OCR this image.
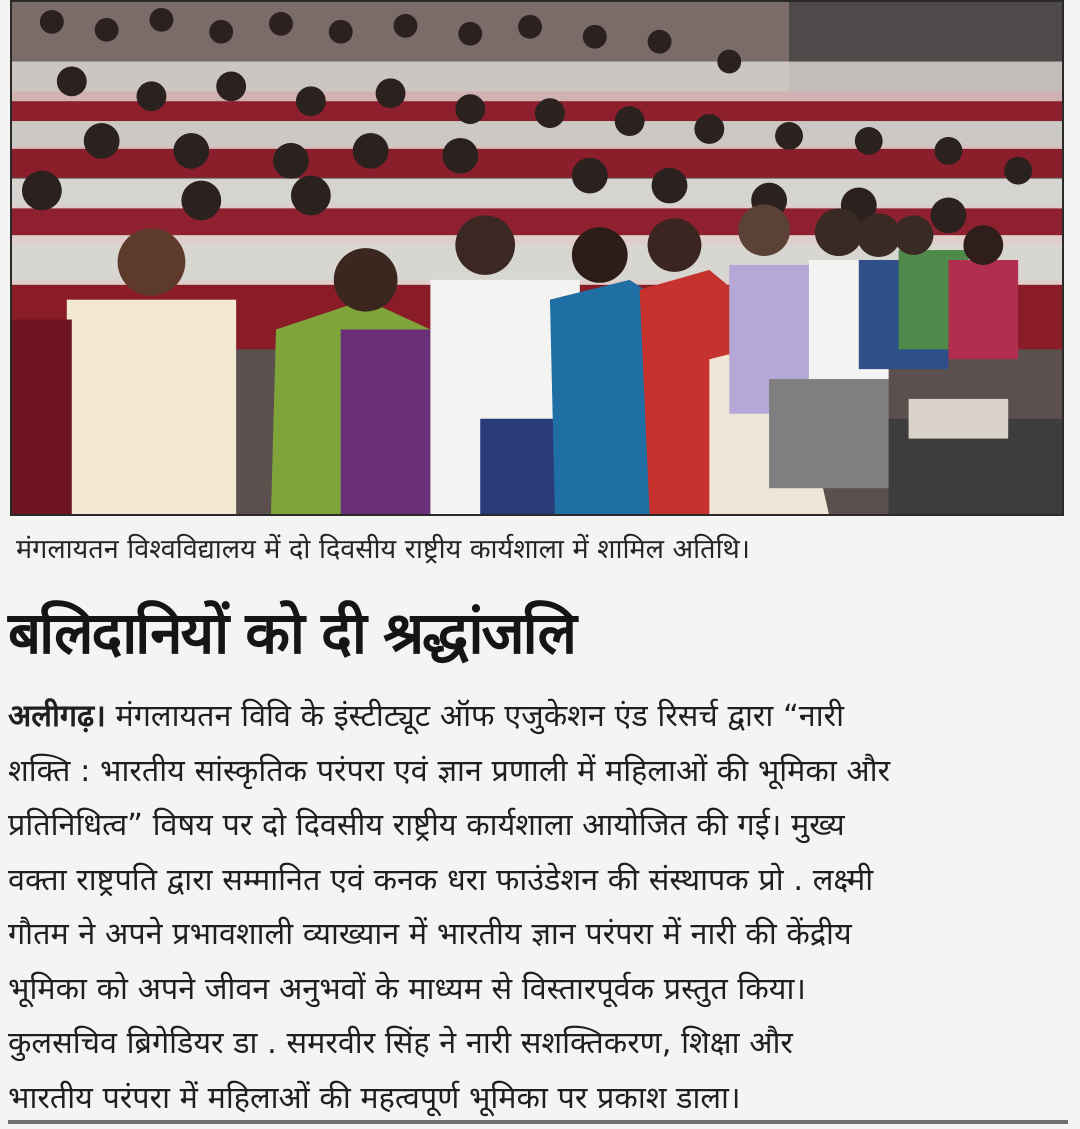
मंगलायतन विश्वविद्यालय में दो दिवसीय राष्ट्रीय कार्यशाला में शामिल अतिथि।
बलिदानियों को दी श्रद्धांजलि
अलीगढ़। मंगलायतन विवि के इंस्टीट्यूट ऑफ एजुकेशन एंड रिसर्च द्वारा “नारी
शक्ति : भारतीय सांस्कृतिक परंपरा एवं ज्ञान प्रणाली में महिलाओं की भूमिका और
प्रतिनिधित्व” विषय पर दो दिवसीय राष्ट्रीय कार्यशाला आयोजित की गई। मुख्य
वक्ता राष्ट्रपति द्वारा सम्मानित एवं कनक धरा फाउंडेशन की संस्थापक प्रो . लक्ष्मी
गौतम ने अपने प्रभावशाली व्याख्यान में भारतीय ज्ञान परंपरा में नारी की केंद्रीय
भूमिका को अपने जीवन अनुभवों के माध्यम से विस्तारपूर्वक प्रस्तुत किया।
कुलसचिव ब्रिगेडियर डा . समरवीर सिंह ने नारी सशक्तिकरण, शिक्षा और
भारतीय परंपरा में महिलाओं की महत्वपूर्ण भूमिका पर प्रकाश डाला।
